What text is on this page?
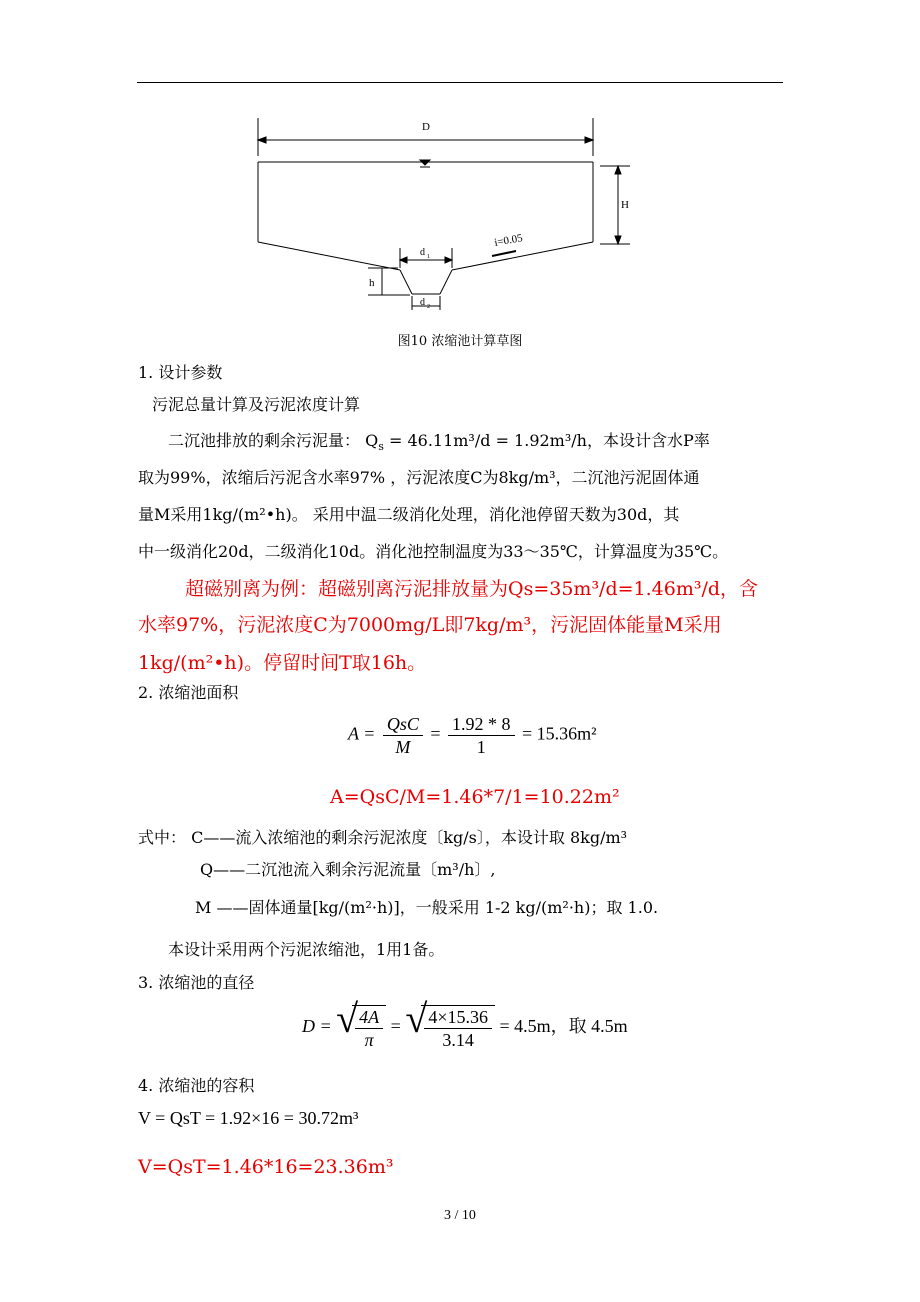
D
H
h
d 1
d 2
i=0.05
图10 浓缩池计算草图
1. 设计参数
污泥总量计算及污泥浓度计算
二沉池排放的剩余污泥量： $Q_s = 46.11m^3/d = 1.92m^3/h$，本设计含水P率
取为99%，浓缩后污泥含水率97% ，污泥浓度C为8kg/m³，二沉池污泥固体通
量M采用1kg/(m²•h)。 采用中温二级消化处理，消化池停留天数为30d，其
中一级消化20d，二级消化10d。消化池控制温度为33～35℃，计算温度为35℃。
超磁别离为例：超磁别离污泥排放量为Qs=35m³/d=1.46m³/d，含
水率97%，污泥浓度C为7000mg/L即7kg/m³，污泥固体能量M采用
1kg/(m²•h)。停留时间T取16h。
2. 浓缩池面积
$A = \frac{\text{QsC}}{M} = \frac{1.92 * 8}{1} = 15.36m^2$
A=QsC/M=1.46*7/1=10.22m²
式中： C——流入浓缩池的剩余污泥浓度〔kg/s〕，本设计取 8kg/m³
Q——二沉池流入剩余污泥流量〔m³/h〕,
M ——固体通量[kg/(m²·h)]，一般采用 1-2 kg/(m²·h)；取 1.0.
本设计采用两个污泥浓缩池，1用1备。
3. 浓缩池的直径
D = √
$\frac{4A}{\pi}$ = √
$\frac{4\times 15.36}{3.14} = 4.5m$，取 4.5m
4. 浓缩池的容积
V = QsT = 1.92×16 = 30.72m³
V=QsT=1.46*16=23.36m³
3 / 10
